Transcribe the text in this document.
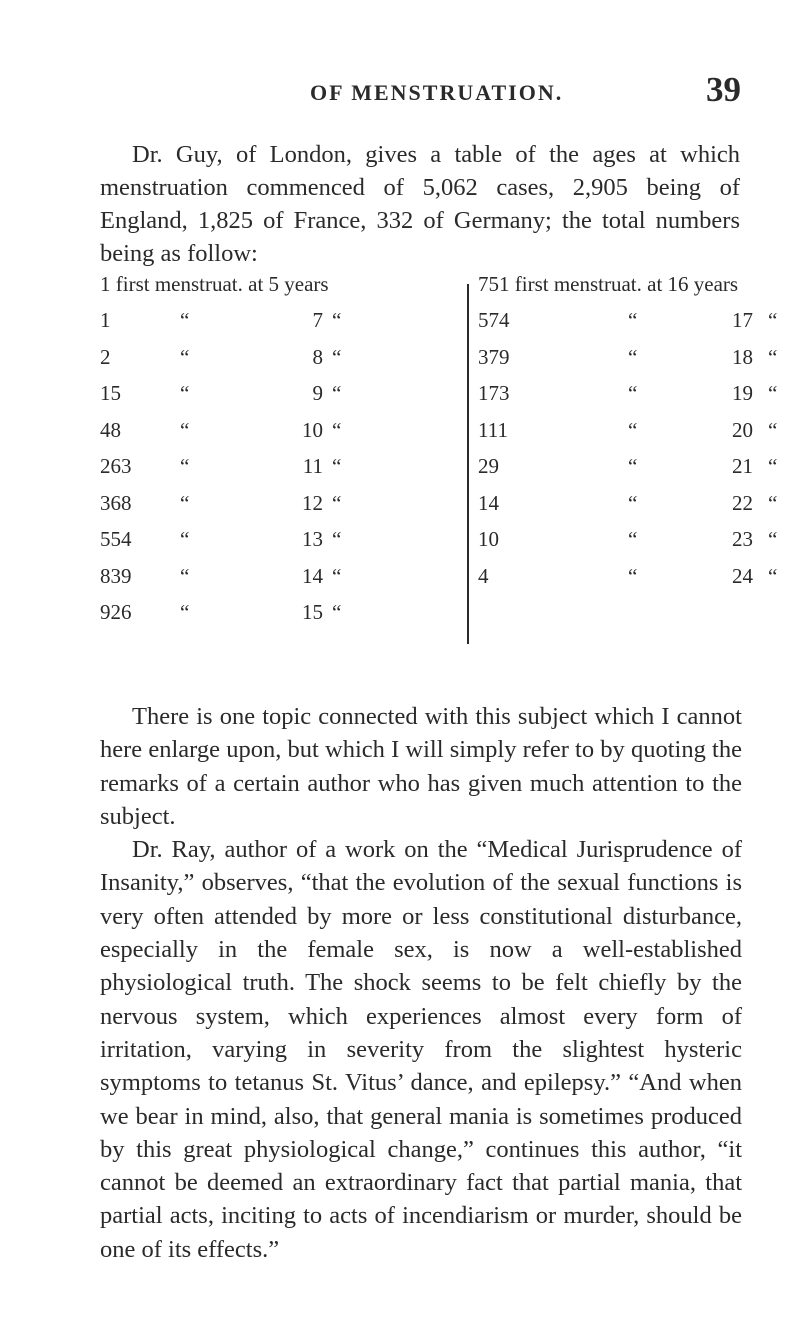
OF MENSTRUATION.	39

Dr. Guy, of London, gives a table of the ages at which menstruation commenced of 5,062 cases, 2,905 being of England, 1,825 of France, 332 of Germany; the total numbers being as follow:

1 first menstruat. at 5 years	751 first menstruat. at 16 years
1	“	7 “
2	“	8 “
15	“	9 “
48	“	10 “
263	“	11 “
368	“	12 “
554	“	13 “
839	“	14 “
926	“	15 “
574	“	17 “
379	“	18 “
173	“	19 “
111	“	20 “
29	“	21 “
14	“	22 “
10	“	23 “
4	“	24 “

There is one topic connected with this subject which I cannot here enlarge upon, but which I will simply refer to by quoting the remarks of a certain author who has given much attention to the subject.

Dr. Ray, author of a work on the “Medical Jurisprudence of Insanity,” observes, “that the evolution of the sexual functions is very often attended by more or less constitutional disturbance, especially in the female sex, is now a well-established physiological truth. The shock seems to be felt chiefly by the nervous system, which experiences almost every form of irritation, varying in severity from the slightest hysteric symptoms to tetanus St. Vitus’ dance, and epilepsy.” “And when we bear in mind, also, that general mania is sometimes produced by this great physiological change,” continues this author, “it cannot be deemed an extraordinary fact that partial mania, that partial acts, inciting to acts of incendiarism or murder, should be one of its effects.”
